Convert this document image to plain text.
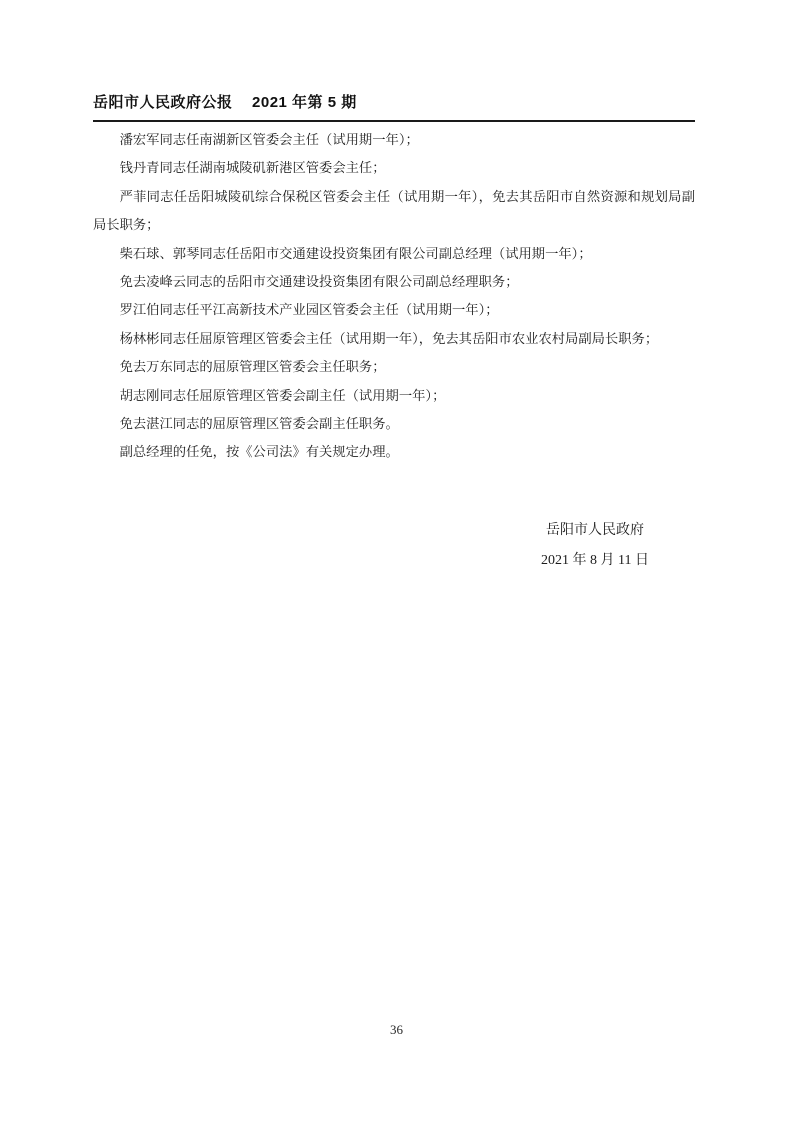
岳阳市人民政府公报 2021 年第 5 期

潘宏军同志任南湖新区管委会主任（试用期一年）；

钱丹青同志任湖南城陵矶新港区管委会主任；

严菲同志任岳阳城陵矶综合保税区管委会主任（试用期一年），免去其岳阳市自然资源和规划局副局长职务；

柴石球、郭琴同志任岳阳市交通建设投资集团有限公司副总经理（试用期一年）；

免去凌峰云同志的岳阳市交通建设投资集团有限公司副总经理职务；

罗江伯同志任平江高新技术产业园区管委会主任（试用期一年）；

杨林彬同志任屈原管理区管委会主任（试用期一年），免去其岳阳市农业农村局副局长职务；

免去万东同志的屈原管理区管委会主任职务；

胡志刚同志任屈原管理区管委会副主任（试用期一年）；

免去湛江同志的屈原管理区管委会副主任职务。

副总经理的任免，按《公司法》有关规定办理。

岳阳市人民政府
2021 年 8 月 11 日
36
